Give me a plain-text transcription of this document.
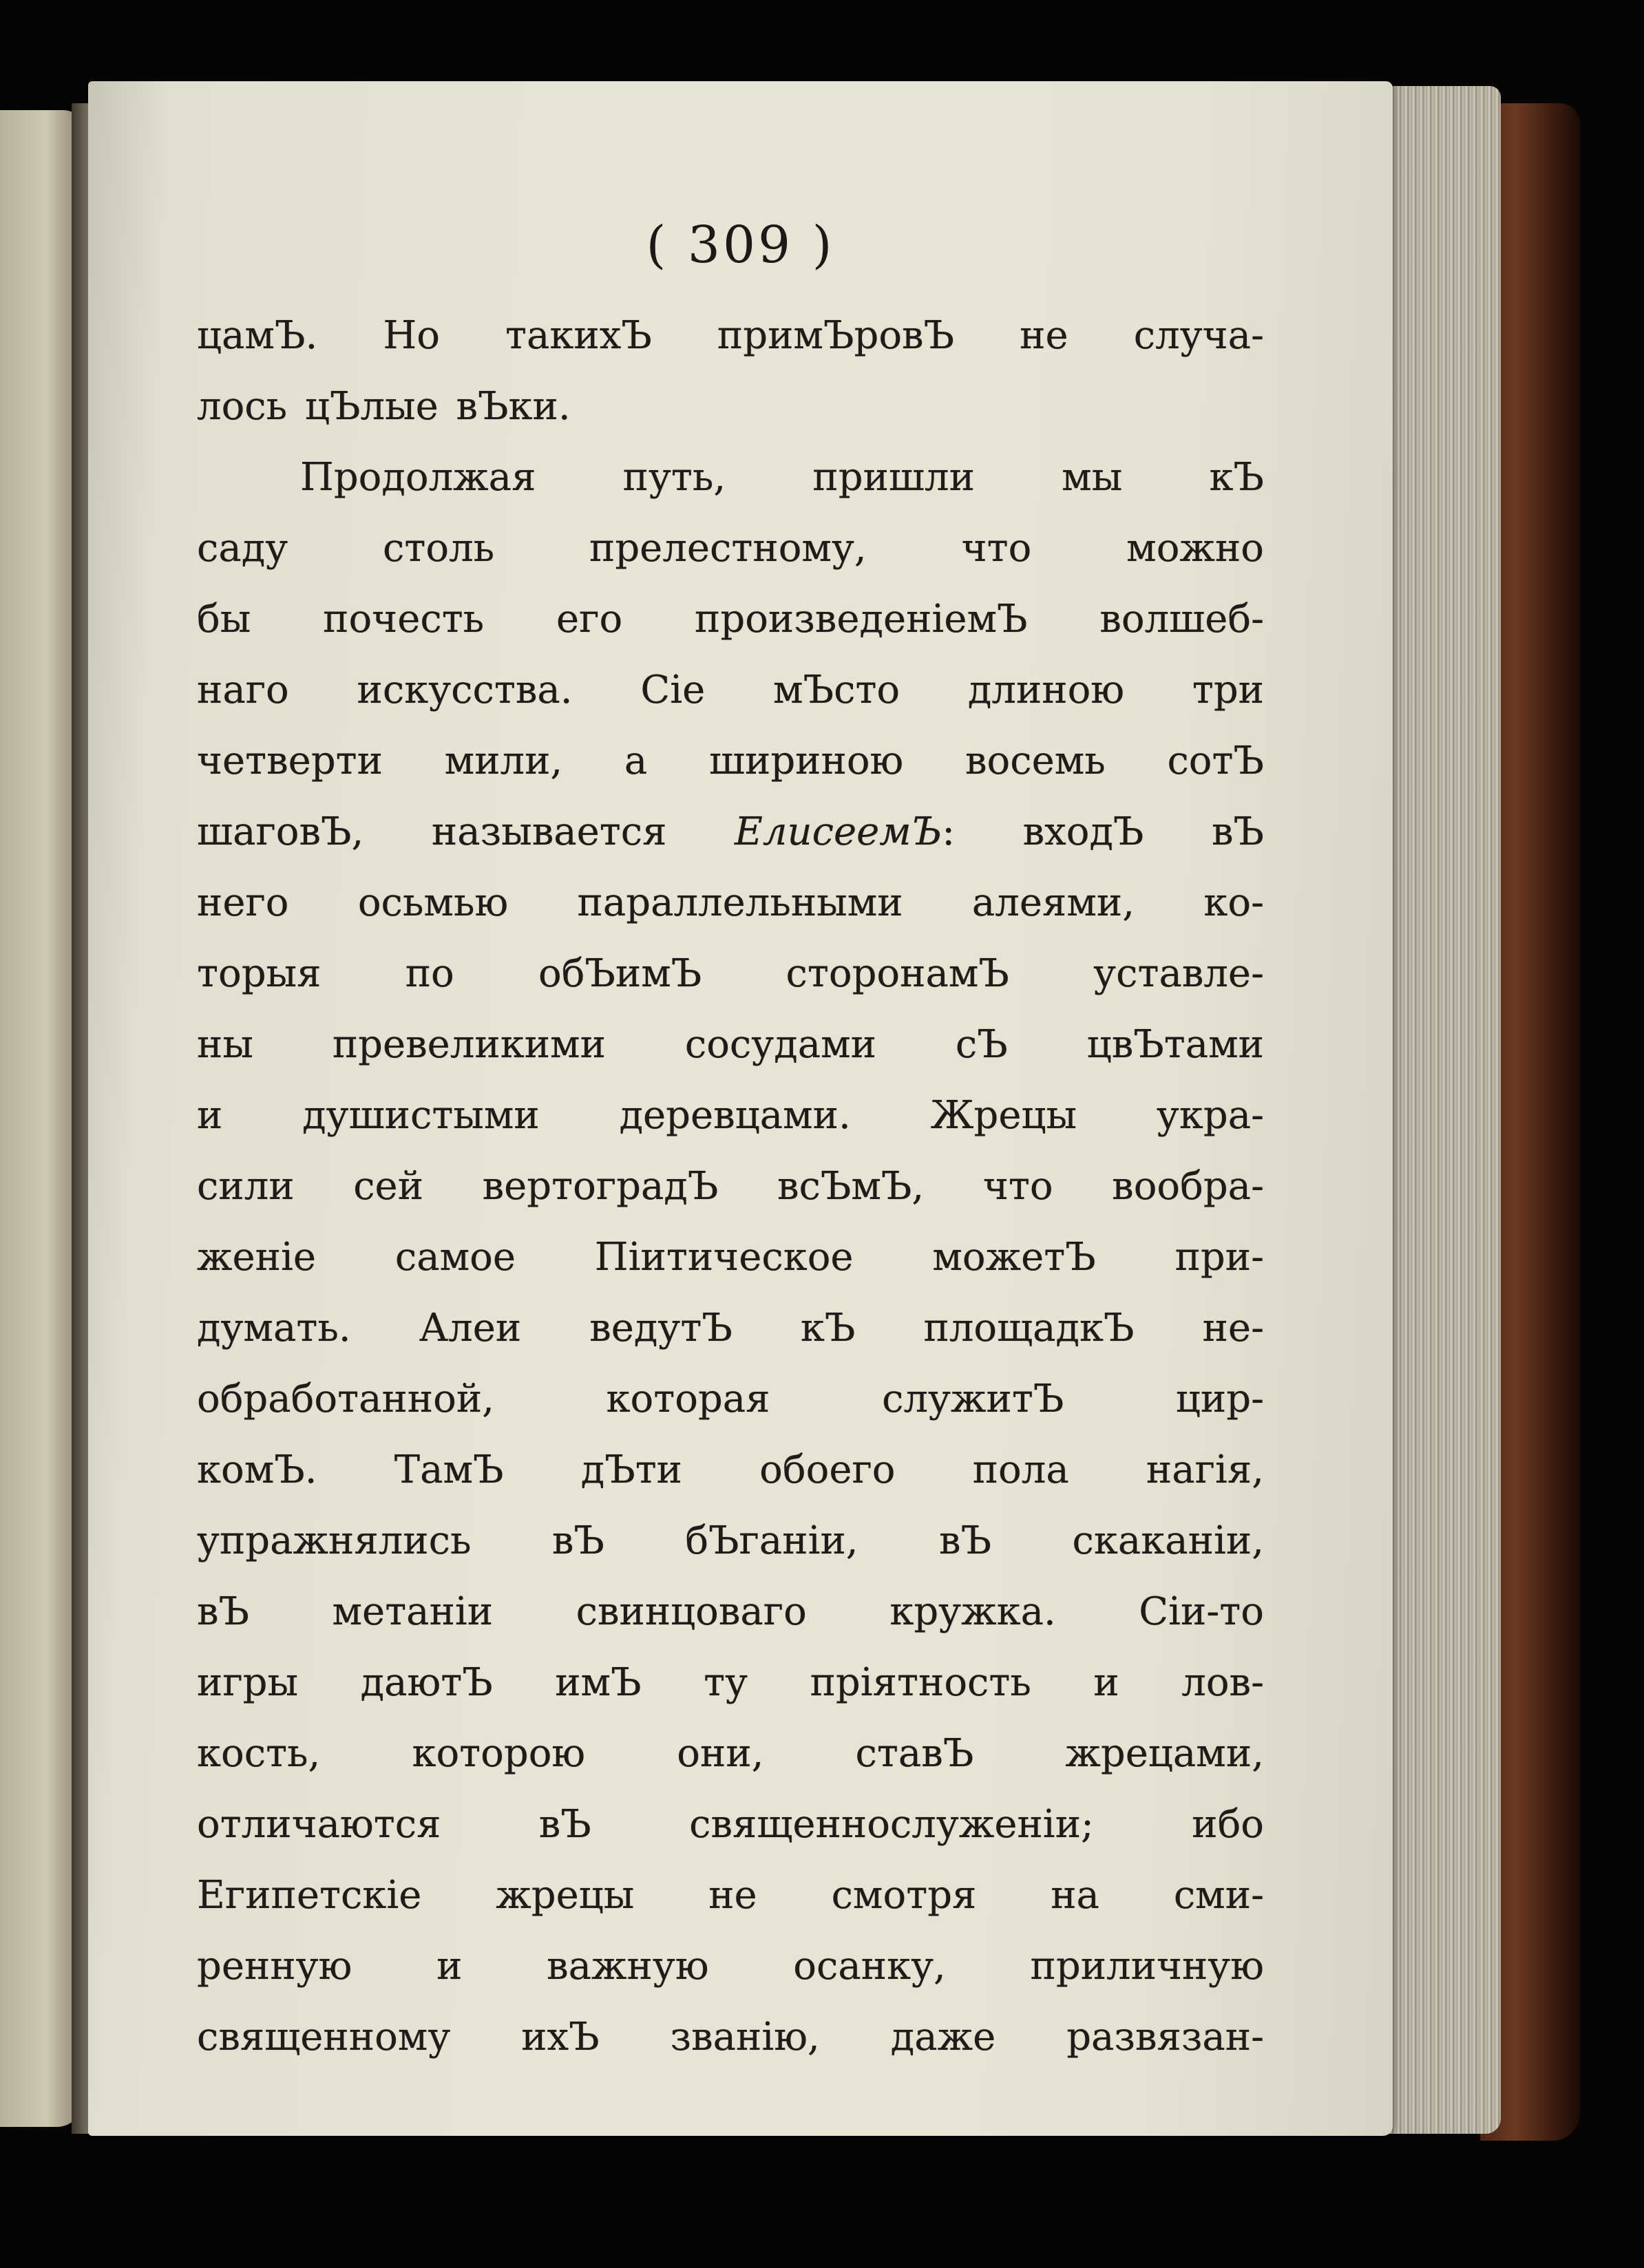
( 309 )

цамЪ. Но такихЪ примЪровЪ не случа-
лось цЪлые вЪки.
Продолжая путь, пришли мы кЪ
саду столь прелестному, что можно
бы почесть его произведенiемЪ волшеб-
наго искусства. Сie мЪсто длиною три
четверти мили, а шириною восемь сотЪ
шаговЪ, называется ЕлисеемЪ: входЪ вЪ
него осьмью параллельными алеями, ко-
торыя по обЪимЪ сторонамЪ уставле-
ны превеликими сосудами сЪ цвЪтами
и душистыми деревцами. Жрецы укра-
сили сей вертоградЪ всЪмЪ, что вообра-
женiе самое Пiитическое можетЪ при-
думать. Алеи ведутЪ кЪ площадкЪ не-
обработанной, которая служитЪ цир-
комЪ. ТамЪ дЪти обоего пола нагiя,
упражнялись вЪ бЪганiи, вЪ скаканiи,
вЪ метанiи свинцоваго кружка. Сiи-то
игры даютЪ имЪ ту прiятность и лов-
кость, которою они, ставЪ жрецами,
отличаются вЪ священнослуженiи; ибо
Египетскiе жрецы не смотря на сми-
ренную и важную осанку, приличную
священному ихЪ званiю, даже развязан-
